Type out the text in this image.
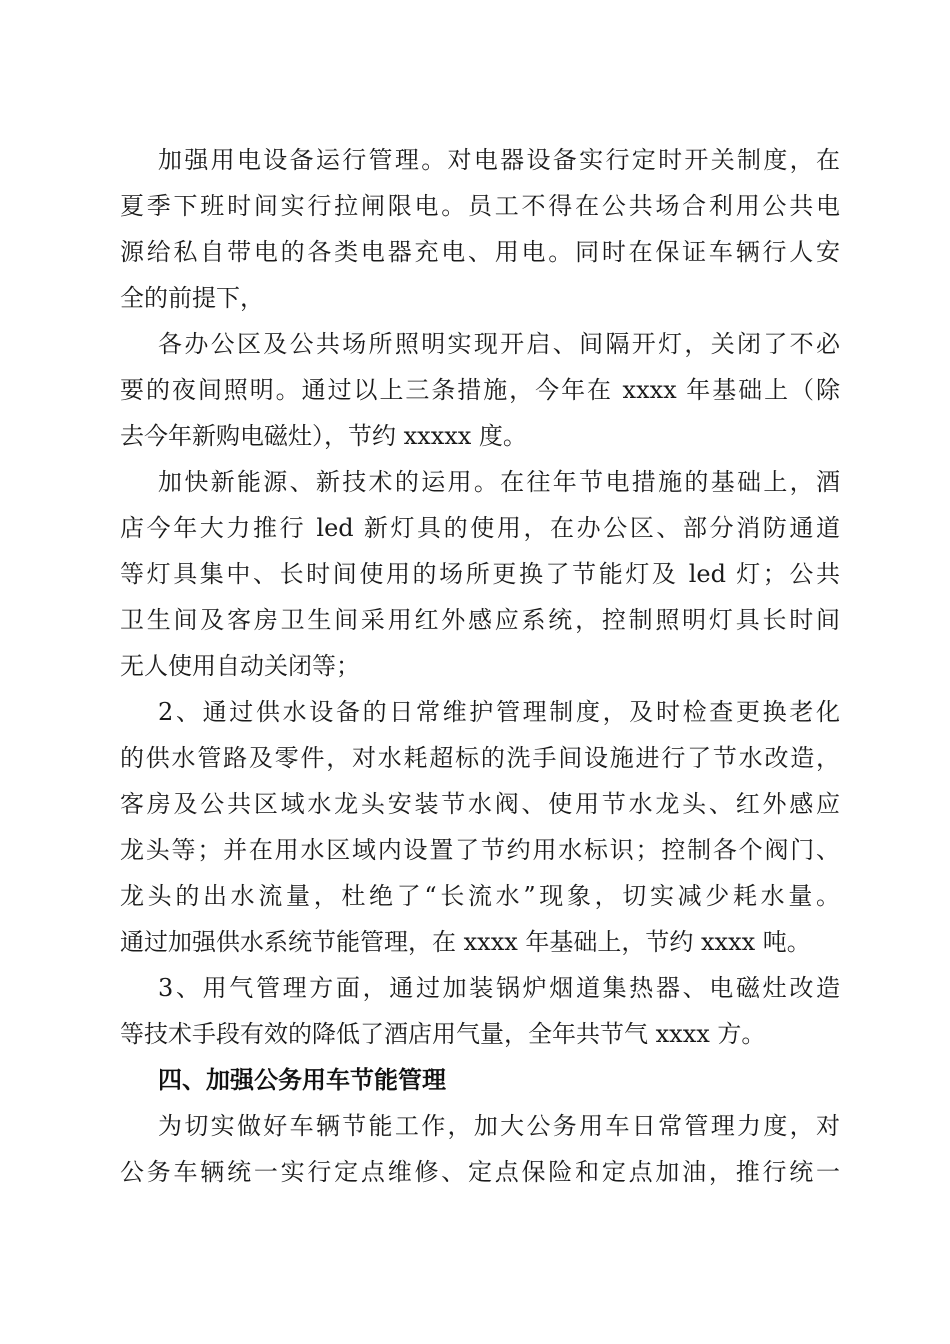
加强用电设备运行管理。对电器设备实行定时开关制度，在
夏季下班时间实行拉闸限电。员工不得在公共场合利用公共电
源给私自带电的各类电器充电、用电。同时在保证车辆行人安
全的前提下，
各办公区及公共场所照明实现开启、间隔开灯，关闭了不必
要的夜间照明。通过以上三条措施，今年在 xxxx 年基础上（除
去今年新购电磁灶），节约 xxxxx 度。
加快新能源、新技术的运用。在往年节电措施的基础上，酒
店今年大力推行 led 新灯具的使用，在办公区、部分消防通道
等灯具集中、长时间使用的场所更换了节能灯及 led 灯；公共
卫生间及客房卫生间采用红外感应系统，控制照明灯具长时间
无人使用自动关闭等；
2、通过供水设备的日常维护管理制度，及时检查更换老化
的供水管路及零件，对水耗超标的洗手间设施进行了节水改造，
客房及公共区域水龙头安装节水阀、使用节水龙头、红外感应
龙头等；并在用水区域内设置了节约用水标识；控制各个阀门、
龙头的出水流量，杜绝了“长流水”现象，切实减少耗水量。
通过加强供水系统节能管理，在 xxxx 年基础上，节约 xxxx 吨。
3、用气管理方面，通过加装锅炉烟道集热器、电磁灶改造
等技术手段有效的降低了酒店用气量，全年共节气 xxxx 方。
四、加强公务用车节能管理
为切实做好车辆节能工作，加大公务用车日常管理力度，对
公务车辆统一实行定点维修、定点保险和定点加油，推行统一
